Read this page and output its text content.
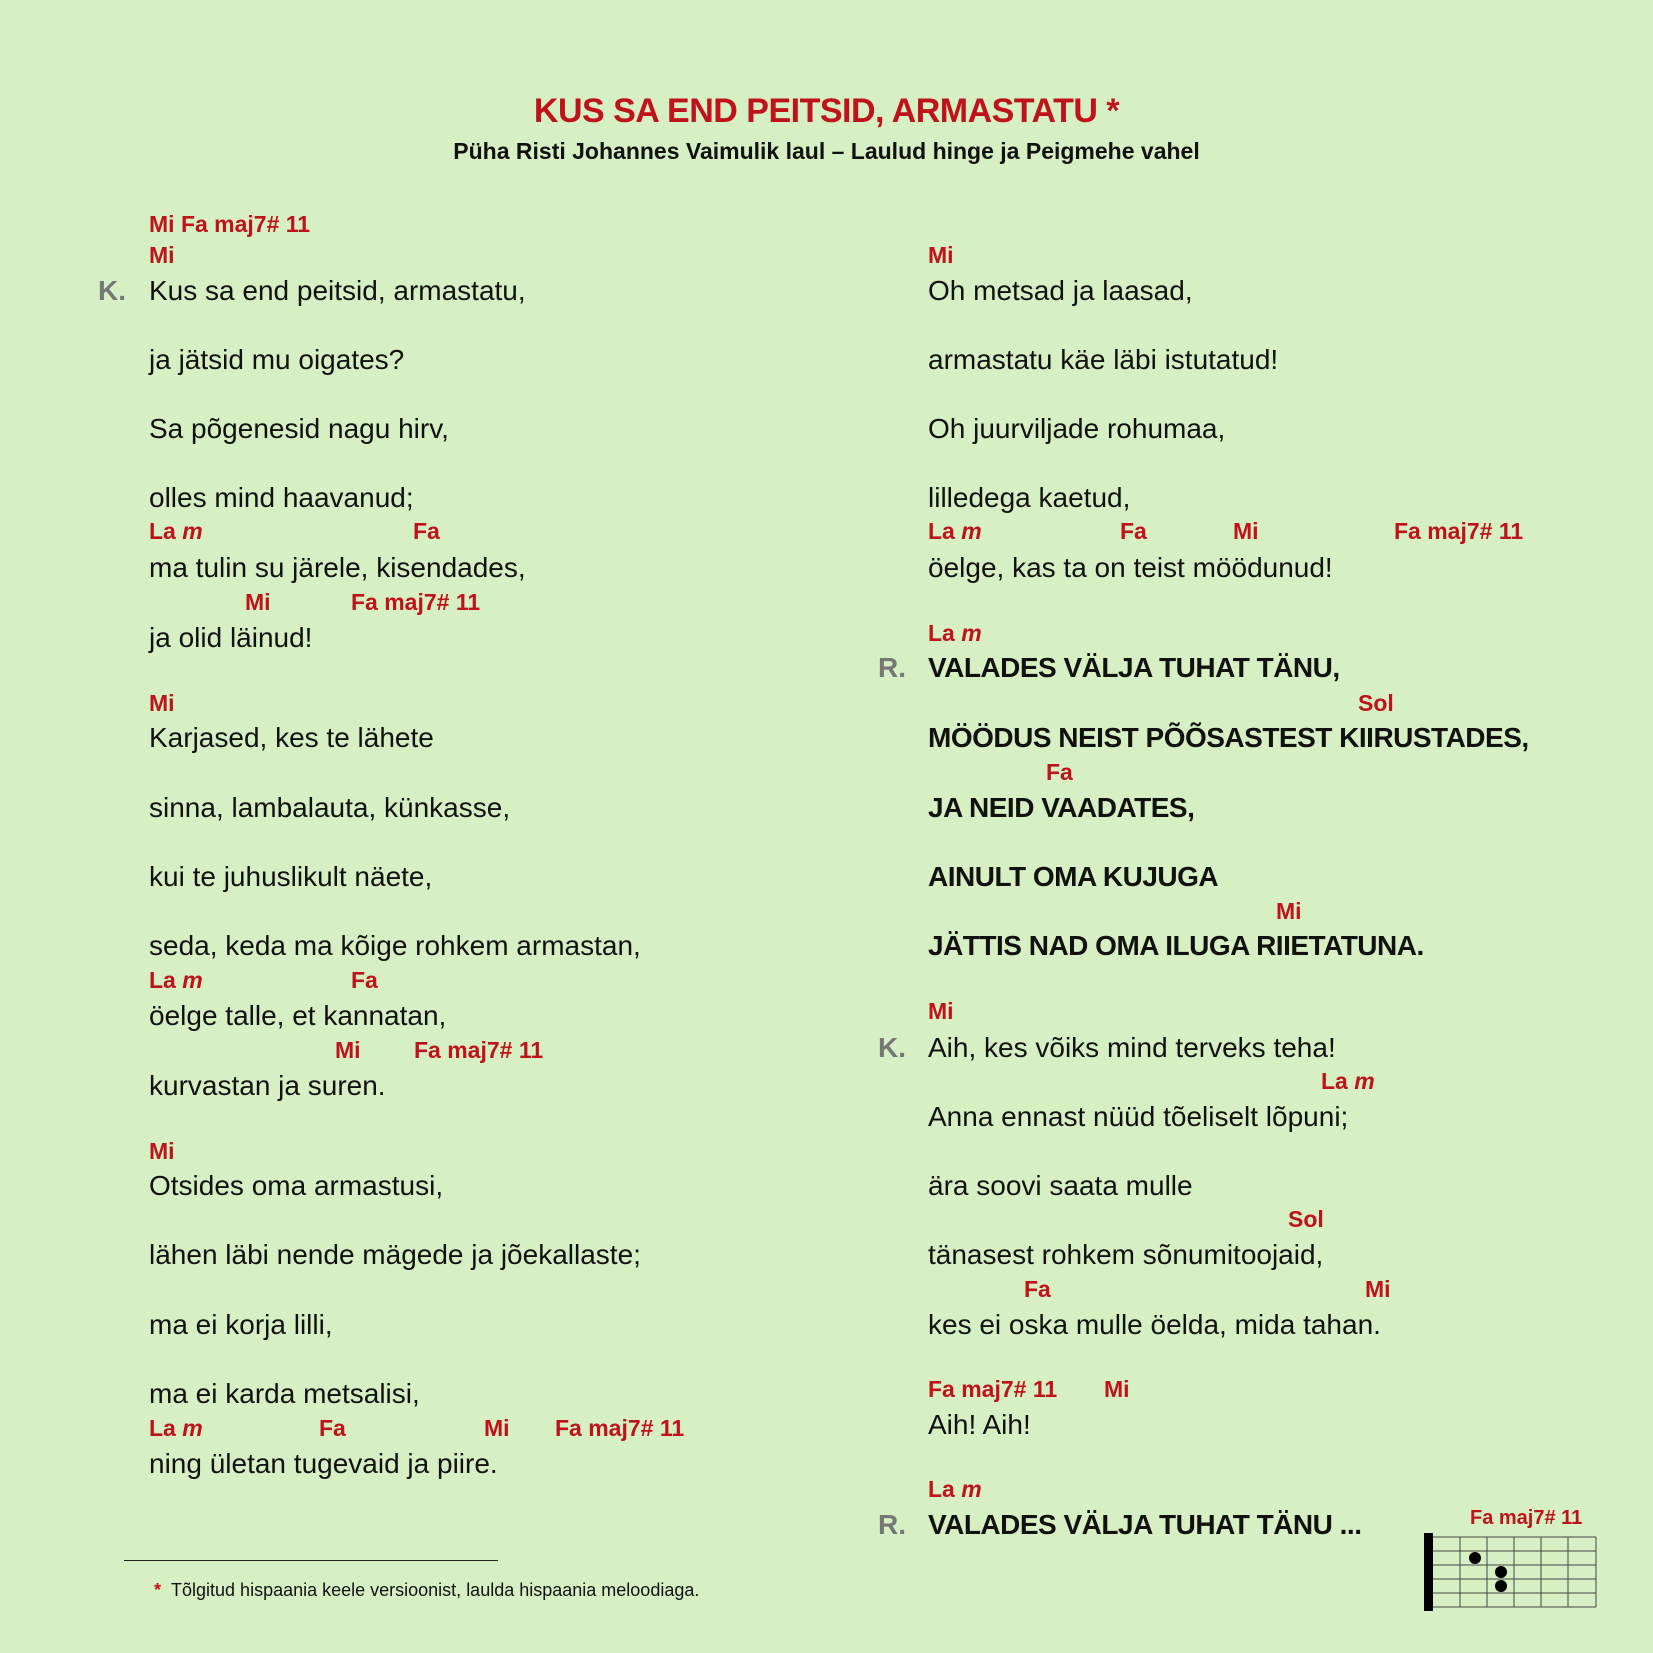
KUS SA END PEITSID, ARMASTATU *
Püha Risti Johannes Vaimulik laul – Laulud hinge ja Peigmehe vahel
Mi Fa maj7# 11
Mi
K. Kus sa end peitsid, armastatu,
ja jätsid mu oigates?
Sa põgenesid nagu hirv,
olles mind haavanud;
La m	Fa
ma tulin su järele, kisendades,
Mi	Fa maj7# 11
ja olid läinud!
Mi
Karjased, kes te lähete
sinna, lambalauta, künkasse,
kui te juhuslikult näete,
seda, keda ma kõige rohkem armastan,
La m	Fa
öelge talle, et kannatan,
Mi Fa maj7# 11
kurvastan ja suren.
Mi
Otsides oma armastusi,
lähen läbi nende mägede ja jõekallaste;
ma ei korja lilli,
ma ei karda metsalisi,
La m	Fa	Mi Fa maj7# 11
ning ületan tugevaid ja piire.
Mi
Oh metsad ja laasad,
armastatu käe läbi istutatud!
Oh juurviljade rohumaa,
lilledega kaetud,
La m	Fa	Mi	Fa maj7# 11
öelge, kas ta on teist möödunud!
La m
R. VALADES VÄLJA TUHAT TÄNU,
Sol
MÖÖDUS NEIST PÕÕSASTEST KIIRUSTADES,
Fa
JA NEID VAADATES,
AINULT OMA KUJUGA
Mi
JÄTTIS NAD OMA ILUGA RIIETATUNA.
Mi
K. Aih, kes võiks mind terveks teha!
La m
Anna ennast nüüd tõeliselt lõpuni;
ära soovi saata mulle
Sol
tänasest rohkem sõnumitoojaid,
Fa	Mi
kes ei oska mulle öelda, mida tahan.
Fa maj7# 11 Mi
Aih! Aih!
La m
R. VALADES VÄLJA TUHAT TÄNU ...
* Tõlgitud hispaania keele versioonist, laulda hispaania meloodiaga.
Fa maj7# 11
